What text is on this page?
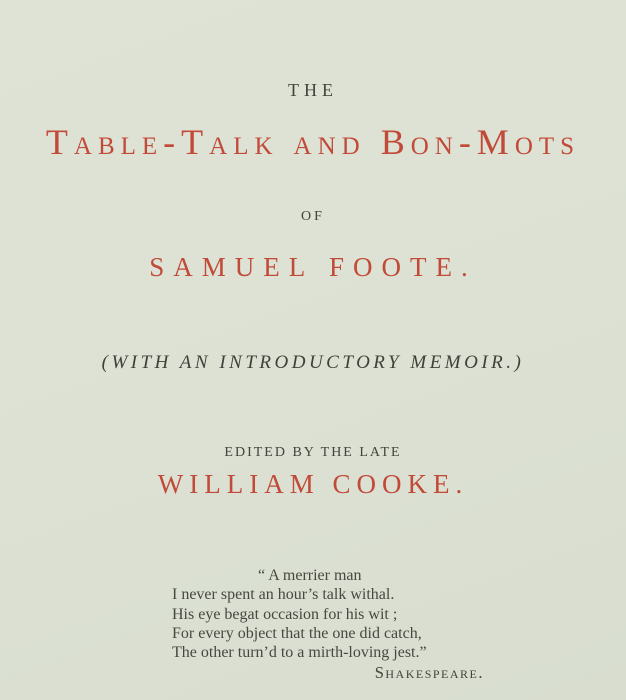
THE

Table-Talk and Bon-Mots

OF

SAMUEL FOOTE.

(WITH AN INTRODUCTORY MEMOIR.)

EDITED BY THE LATE

WILLIAM COOKE.
“ A merrier man
I never spent an hour’s talk withal.
His eye begat occasion for his wit ;
For every object that the one did catch,
The other turn’d to a mirth-loving jest.”
Shakespeare.
